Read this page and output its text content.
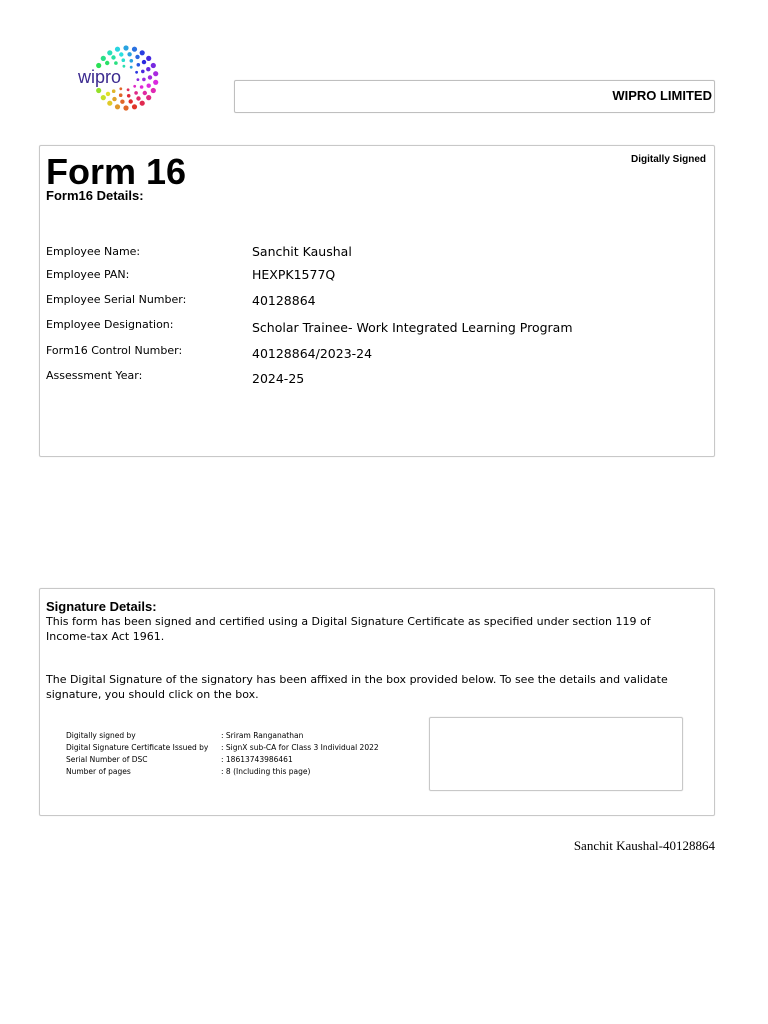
wipro
WIPRO LIMITED
Form 16
Form16 Details:
Digitally Signed
Employee Name:	Sanchit Kaushal
Employee PAN:	HEXPK1577Q
Employee Serial Number:	40128864
Employee Designation:	Scholar Trainee- Work Integrated Learning Program
Form16 Control Number:	40128864/2023-24
Assessment Year:	2024-25
Signature Details:
This form has been signed and certified using a Digital Signature Certificate as specified under section 119 of Income-tax Act 1961.
The Digital Signature of the signatory has been affixed in the box provided below. To see the details and validate signature, you should click on the box.
Digitally signed by	: Sriram Ranganathan
Digital Signature Certificate Issued by : SignX sub-CA for Class 3 Individual 2022
Serial Number of DSC	: 18613743986461
Number of pages	: 8 (Including this page)
Sanchit Kaushal-40128864
